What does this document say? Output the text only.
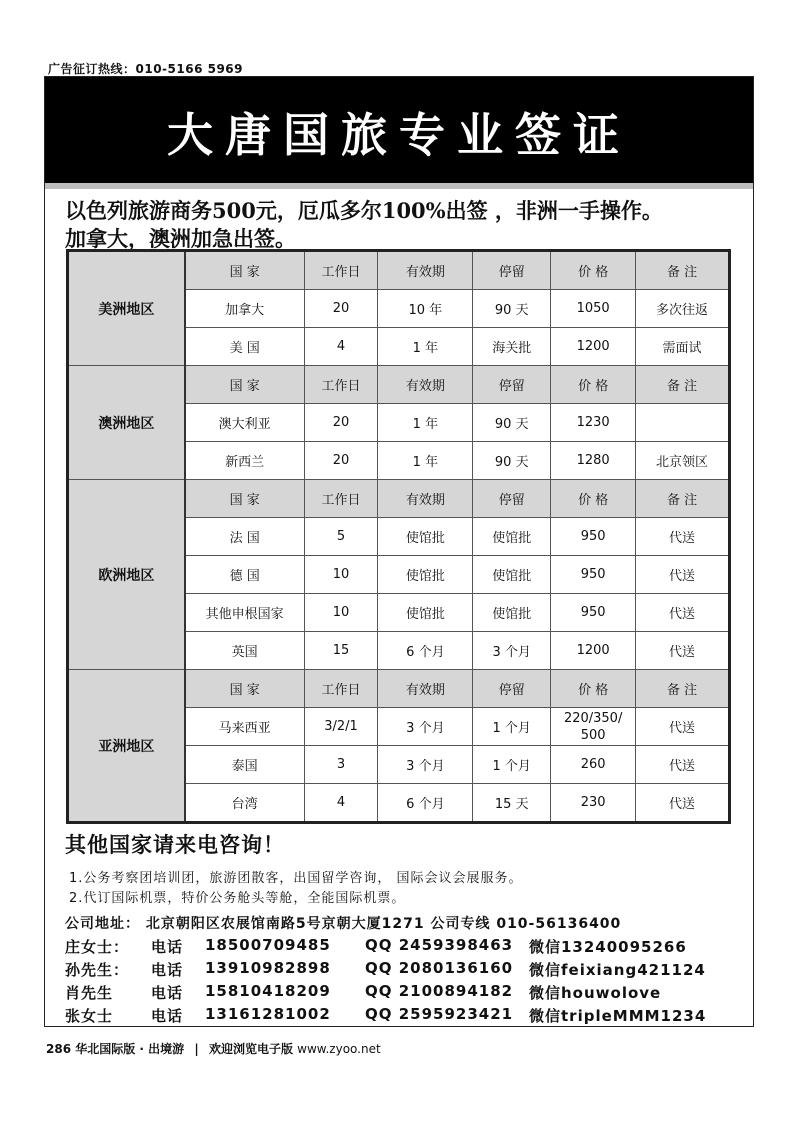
广告征订热线：010-5166 5969
大唐国旅专业签证
以色列旅游商务500元，厄瓜多尔100%出签 ，非洲一手操作。
加拿大，澳洲加急出签。
美洲地区	国 家	工作日	有效期	停留	价 格	备 注
	加拿大	20	10 年	90 天	1050	多次往返
	美 国	4	1 年	海关批	1200	需面试
澳洲地区	国 家	工作日	有效期	停留	价 格	备 注
	澳大利亚	20	1 年	90 天	1230	
	新西兰	20	1 年	90 天	1280	北京领区
欧洲地区	国 家	工作日	有效期	停留	价 格	备 注
	法 国	5	使馆批	使馆批	950	代送
	德 国	10	使馆批	使馆批	950	代送
	其他申根国家	10	使馆批	使馆批	950	代送
	英国	15	6 个月	3 个月	1200	代送
亚洲地区	国 家	工作日	有效期	停留	价 格	备 注
	马来西亚	3/2/1	3 个月	1 个月	220/350/ 500	代送
	泰国	3	3 个月	1 个月	260	代送
	台湾	4	6 个月	15 天	230	代送
其他国家请来电咨询！
1.公务考察团培训团，旅游团散客，出国留学咨询， 国际会议会展服务。
2.代订国际机票，特价公务舱头等舱，全能国际机票。
公司地址： 北京朝阳区农展馆南路5号京朝大厦1271 公司专线 010-56136400
庄女士： 电话 18500709485 QQ 2459398463 微信13240095266
孙先生： 电话 13910982898 QQ 2080136160 微信feixiang421124
肖先生	电话 15810418209 QQ 2100894182 微信houwolove
张女士	电话 13161281002 QQ 2595923421 微信tripleMMM1234
286 华北国际版 · 出境游 | 欢迎浏览电子版 www.zyoo.net
